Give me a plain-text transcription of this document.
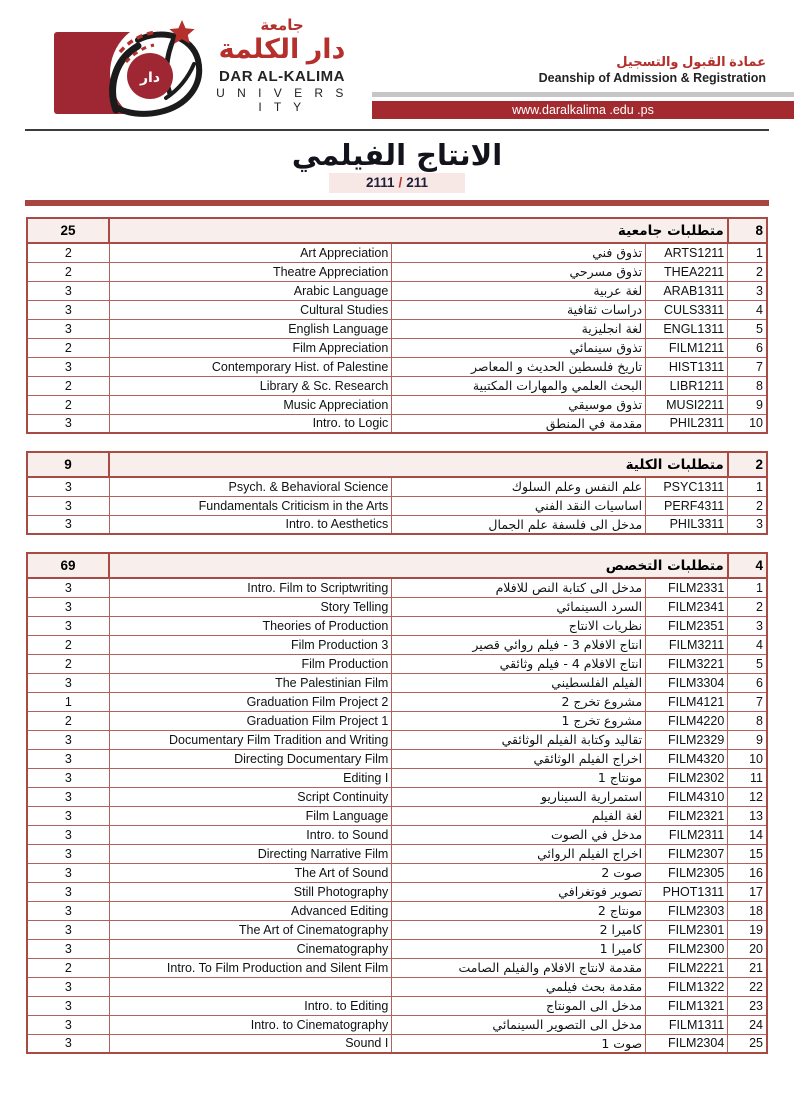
دار
جامعة
دار الكلمة
DAR AL-KALIMA
U N I V E R S I T Y
عمادة القبول والتسجيل
Deanship of Admission & Registration
www.daralkalima .edu .ps
الانتاج الفيلمي
2111 / 211
25	متطلبات جامعية			8
2	Art Appreciation	تذوق فني	ARTS1211	1
2	Theatre Appreciation	تذوق مسرحي	THEA2211	2
3	Arabic Language	لغة عربية	ARAB1311	3
3	Cultural Studies	دراسات ثقافية	CULS3311	4
3	English Language	لغة انجليزية	ENGL1311	5
2	Film Appreciation	تذوق سينمائي	FILM1211	6
3	Contemporary Hist. of Palestine	تاريخ فلسطين الحديث و المعاصر	HIST1311	7
2	Library & Sc. Research	البحث العلمي والمهارات المكتبية	LIBR1211	8
2	Music Appreciation	تذوق موسيقي	MUSI2211	9
3	Intro. to Logic	مقدمة في المنطق	PHIL2311	10
9	متطلبات الكلية			2
3	Psych. & Behavioral Science	علم النفس وعلم السلوك	PSYC1311	1
3	Fundamentals Criticism in the Arts	اساسيات النقد الفني	PERF4311	2
3	Intro. to Aesthetics	مدخل الى فلسفة علم الجمال	PHIL3311	3
69	متطلبات التخصص			4
3	Intro. Film to Scriptwriting	مدخل الى كتابة النص للافلام	FILM2331	1
3	Story Telling	السرد السينمائي	FILM2341	2
3	Theories of Production	نظريات الانتاج	FILM2351	3
2	Film Production 3	انتاج الافلام 3 - فيلم روائي قصير	FILM3211	4
2	Film Production	انتاج الافلام 4 - فيلم وثائقي	FILM3221	5
3	The Palestinian Film	الفيلم الفلسطيني	FILM3304	6
1	Graduation Film Project 2	مشروع تخرج 2	FILM4121	7
2	Graduation Film Project 1	مشروع تخرج 1	FILM4220	8
3	Documentary Film Tradition and Writing	تقاليد وكتابة الفيلم الوثائقي	FILM2329	9
3	Directing Documentary Film	اخراج الفيلم الوثائقي	FILM4320	10
3	Editing I	مونتاج 1	FILM2302	11
3	Script Continuity	استمرارية السيناريو	FILM4310	12
3	Film Language	لغة الفيلم	FILM2321	13
3	Intro. to Sound	مدخل في الصوت	FILM2311	14
3	Directing Narrative Film	اخراج الفيلم الروائي	FILM2307	15
3	The Art of Sound	صوت 2	FILM2305	16
3	Still Photography	تصوير فوتغرافي	PHOT1311	17
3	Advanced Editing	مونتاج 2	FILM2303	18
3	The Art of Cinematography	كاميرا 2	FILM2301	19
3	Cinematography	كاميرا 1	FILM2300	20
2	Intro. To Film Production and Silent Film	مقدمة لانتاج الافلام والفيلم الصامت	FILM2221	21
3		مقدمة بحث فيلمي	FILM1322	22
3	Intro. to Editing	مدخل الى المونتاج	FILM1321	23
3	Intro. to Cinematography	مدخل الى التصوير السينمائي	FILM1311	24
3	Sound I	صوت 1	FILM2304	25
